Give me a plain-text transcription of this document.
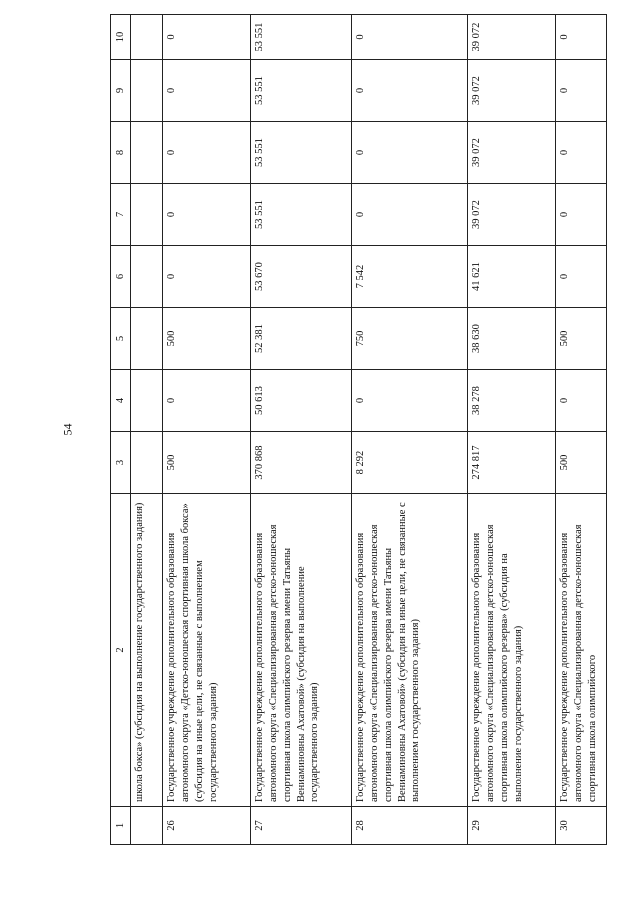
54
1	2	3	4	5	6	7	8	9	10
	школа бокса» (субсидия на выполнение государственного задания)								
26	Государственное учреждение дополнительного образования автономного округа «Детско-юношеская спортивная школа бокса» (субсидия на иные цели, не связанные с выполнением государственного задания)	500	0	500	0	0	0	0	0
27	Государственное учреждение дополнительного образования автономного округа «Специализированная детско-юношеская спортивная школа олимпийского резерва имени Татьяны Вениаминовны Ахатовой» (субсидия на выполнение государственного задания)	370 868	50 613	52 381	53 670	53 551	53 551	53 551	53 551
28	Государственное учреждение дополнительного образования автономного округа «Специализированная детско-юношеская спортивная школа олимпийского резерва имени Татьяны Вениаминовны Ахатовой» (субсидия на иные цели, не связанные с выполнением государственного задания)	8 292	0	750	7 542	0	0	0	0
29	Государственное учреждение дополнительного образования автономного округа «Специализированная детско-юношеская спортивная школа олимпийского резерва» (субсидия на выполнение государственного задания)	274 817	38 278	38 630	41 621	39 072	39 072	39 072	39 072
30	Государственное учреждение дополнительного образования автономного округа «Специализированная детско-юношеская спортивная школа олимпийского	500	0	500	0	0	0	0	0
